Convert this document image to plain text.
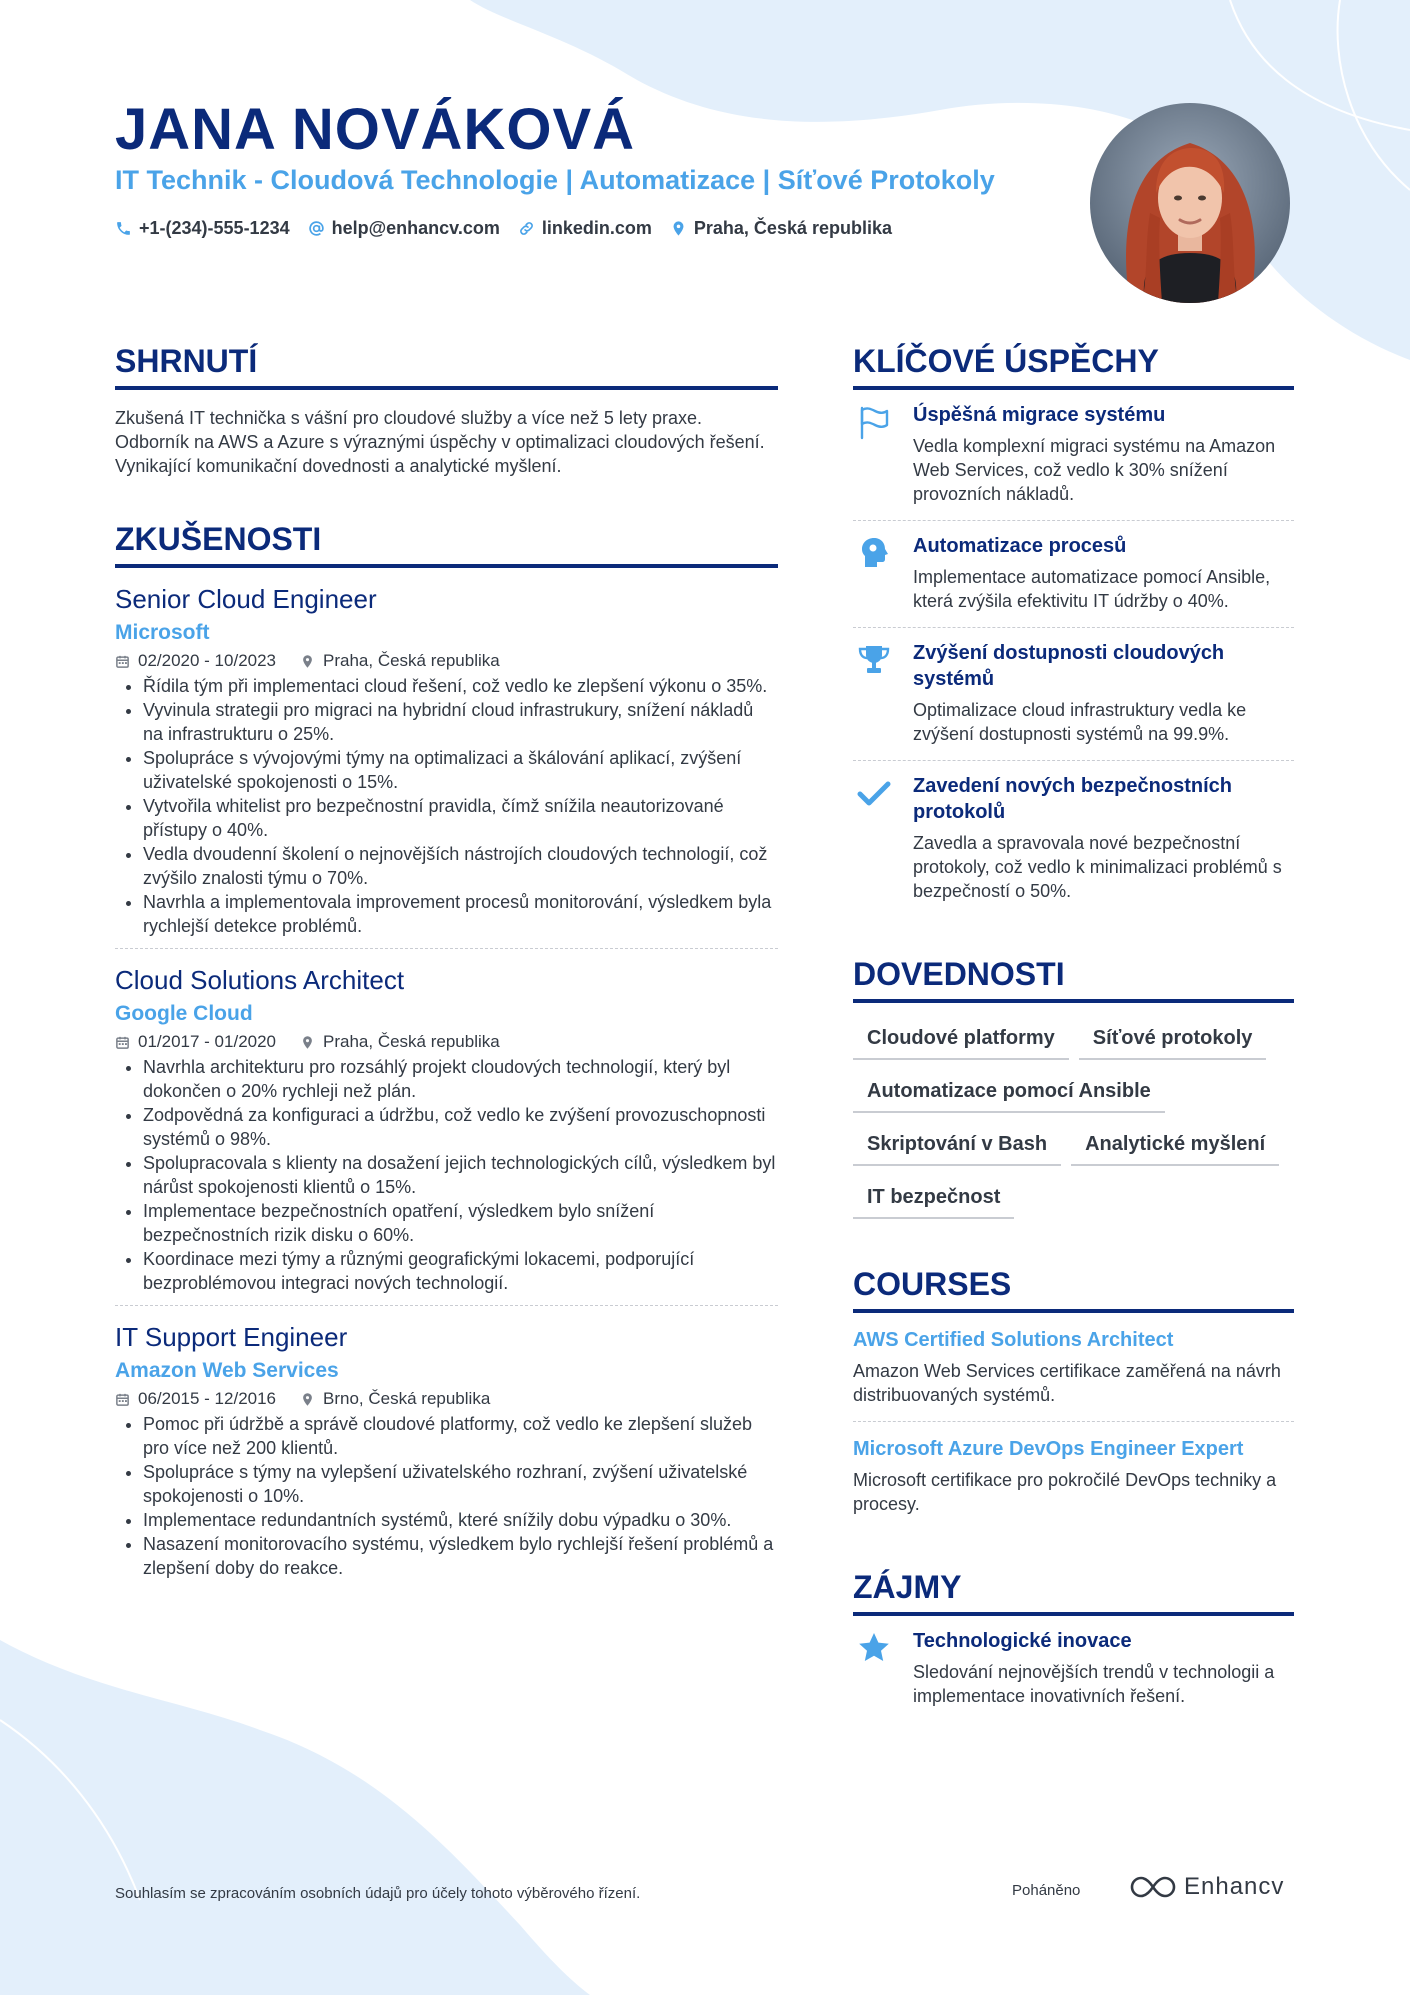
JANA NOVÁKOVÁ
IT Technik - Cloudová Technologie | Automatizace | Síťové Protokoly
+1-(234)-555-1234 help@enhancv.com linkedin.com Praha, Česká republika
SHRNUTÍ

Zkušená IT technička s vášní pro cloudové služby a více než 5 lety praxe. Odborník na AWS a Azure s výraznými úspěchy v optimalizaci cloudových řešení. Vynikající komunikační dovednosti a analytické myšlení.

ZKUŠENOSTI
Senior Cloud Engineer
Microsoft
02/2020 - 10/2023	Praha, Česká republika
• Řídila tým při implementaci cloud řešení, což vedlo ke zlepšení výkonu o 35%.
• Vyvinula strategii pro migraci na hybridní cloud infrastrukury, snížení nákladů na infrastrukturu o 25%.
• Spolupráce s vývojovými týmy na optimalizaci a škálování aplikací, zvýšení uživatelské spokojenosti o 15%.
• Vytvořila whitelist pro bezpečnostní pravidla, čímž snížila neautorizované přístupy o 40%.
• Vedla dvoudenní školení o nejnovějších nástrojích cloudových technologií, což zvýšilo znalosti týmu o 70%.
• Navrhla a implementovala improvement procesů monitorování, výsledkem byla rychlejší detekce problémů.
Cloud Solutions Architect
Google Cloud
01/2017 - 01/2020	Praha, Česká republika
• Navrhla architekturu pro rozsáhlý projekt cloudových technologií, který byl dokončen o 20% rychleji než plán.
• Zodpovědná za konfiguraci a údržbu, což vedlo ke zvýšení provozuschopnosti systémů o 98%.
• Spolupracovala s klienty na dosažení jejich technologických cílů, výsledkem byl nárůst spokojenosti klientů o 15%.
• Implementace bezpečnostních opatření, výsledkem bylo snížení bezpečnostních rizik disku o 60%.
• Koordinace mezi týmy a různými geografickými lokacemi, podporující bezproblémovou integraci nových technologií.
IT Support Engineer
Amazon Web Services
06/2015 - 12/2016	Brno, Česká republika
• Pomoc při údržbě a správě cloudové platformy, což vedlo ke zlepšení služeb pro více než 200 klientů.
• Spolupráce s týmy na vylepšení uživatelského rozhraní, zvýšení uživatelské spokojenosti o 10%.
• Implementace redundantních systémů, které snížily dobu výpadku o 30%.
• Nasazení monitorovacího systému, výsledkem bylo rychlejší řešení problémů a zlepšení doby do reakce.
KLÍČOVÉ ÚSPĚCHY
Úspěšná migrace systému
Vedla komplexní migraci systému na Amazon Web Services, což vedlo k 30% snížení provozních nákladů.
Automatizace procesů
Implementace automatizace pomocí Ansible, která zvýšila efektivitu IT údržby o 40%.
Zvýšení dostupnosti cloudových systémů
Optimalizace cloud infrastruktury vedla ke zvýšení dostupnosti systémů na 99.9%.
Zavedení nových bezpečnostních protokolů
Zavedla a spravovala nové bezpečnostní protokoly, což vedlo k minimalizaci problémů s bezpečností o 50%.
DOVEDNOSTI
Cloudové platformy	Síťové protokoly
Automatizace pomocí Ansible
Skriptování v Bash	Analytické myšlení
IT bezpečnost
COURSES
AWS Certified Solutions Architect
Amazon Web Services certifikace zaměřená na návrh distribuovaných systémů.
Microsoft Azure DevOps Engineer Expert
Microsoft certifikace pro pokročilé DevOps techniky a procesy.
ZÁJMY
Technologické inovace
Sledování nejnovějších trendů v technologii a implementace inovativních řešení.
Souhlasím se zpracováním osobních údajů pro účely tohoto výběrového řízení.	Poháněno	Enhancv
